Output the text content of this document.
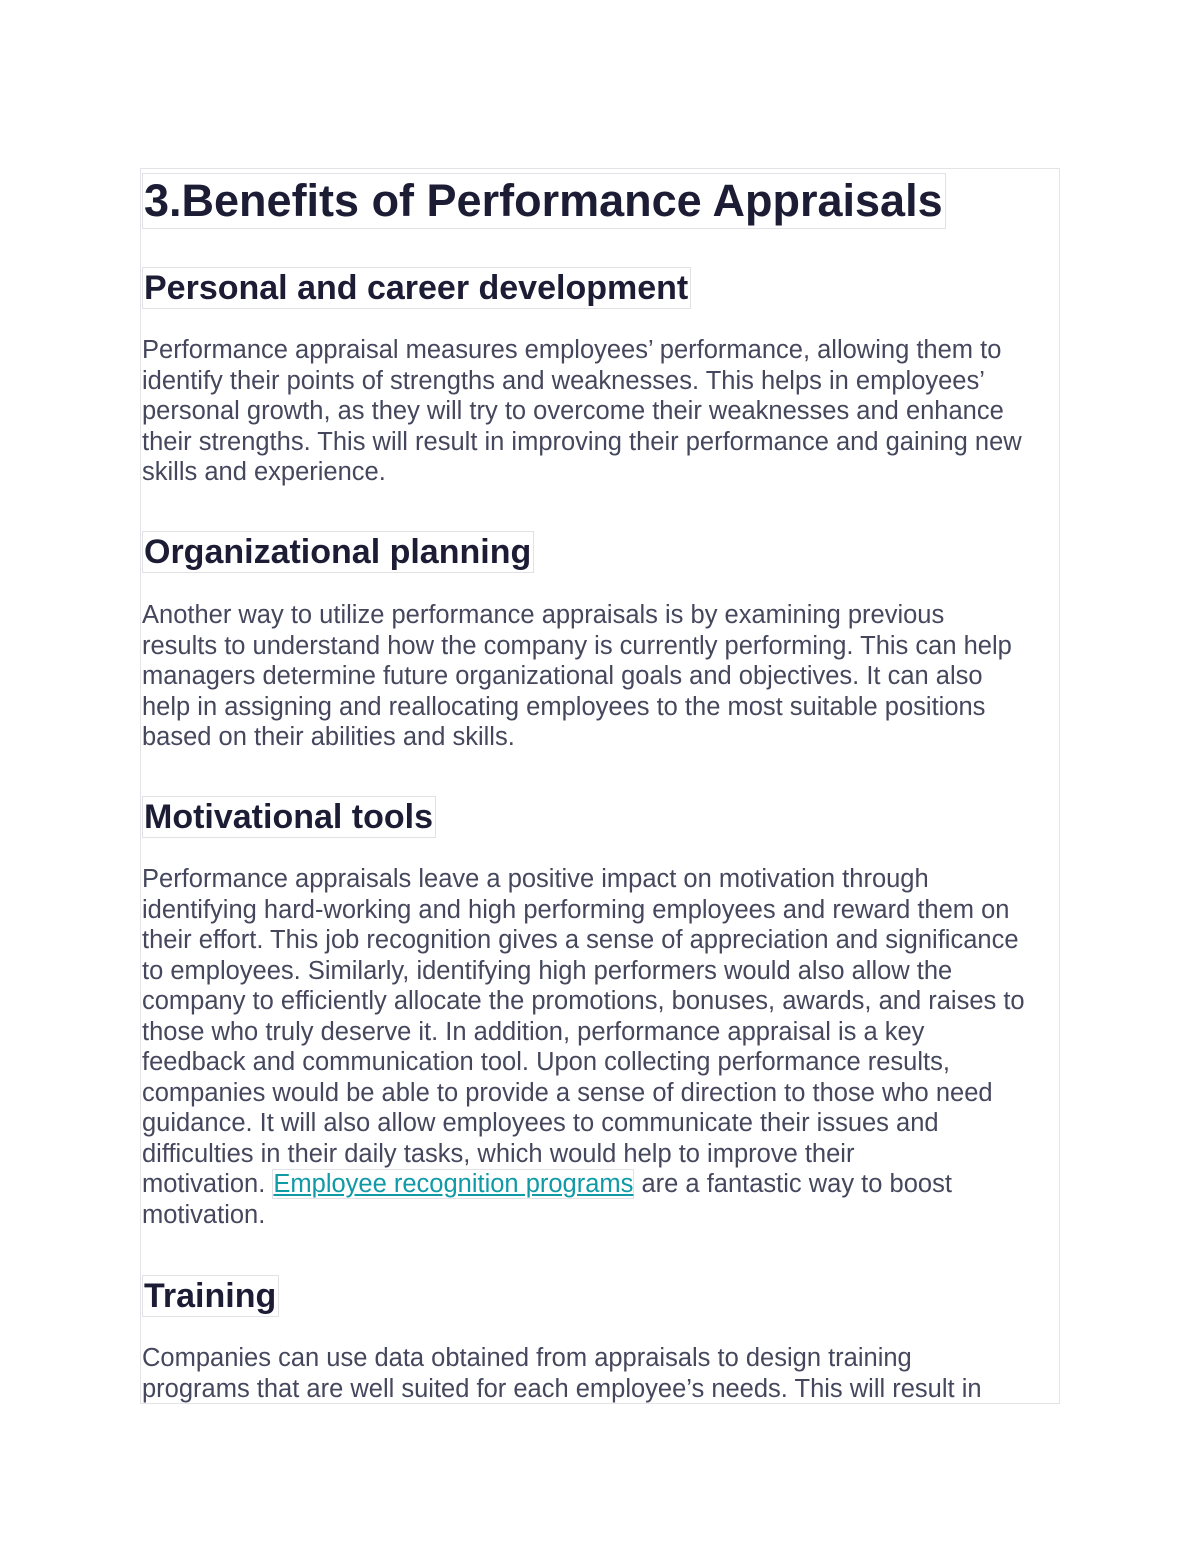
3.Benefits of Performance Appraisals
Personal and career development
Performance appraisal measures employees’ performance, allowing them to
identify their points of strengths and weaknesses. This helps in employees’
personal growth, as they will try to overcome their weaknesses and enhance
their strengths. This will result in improving their performance and gaining new
skills and experience.
Organizational planning
Another way to utilize performance appraisals is by examining previous
results to understand how the company is currently performing. This can help
managers determine future organizational goals and objectives. It can also
help in assigning and reallocating employees to the most suitable positions
based on their abilities and skills.
Motivational tools
Performance appraisals leave a positive impact on motivation through
identifying hard-working and high performing employees and reward them on
their effort. This job recognition gives a sense of appreciation and significance
to employees. Similarly, identifying high performers would also allow the
company to efficiently allocate the promotions, bonuses, awards, and raises to
those who truly deserve it. In addition, performance appraisal is a key
feedback and communication tool. Upon collecting performance results,
companies would be able to provide a sense of direction to those who need
guidance. It will also allow employees to communicate their issues and
difficulties in their daily tasks, which would help to improve their
motivation. Employee recognition programs are a fantastic way to boost
motivation.
Training
Companies can use data obtained from appraisals to design training
programs that are well suited for each employee’s needs. This will result in
